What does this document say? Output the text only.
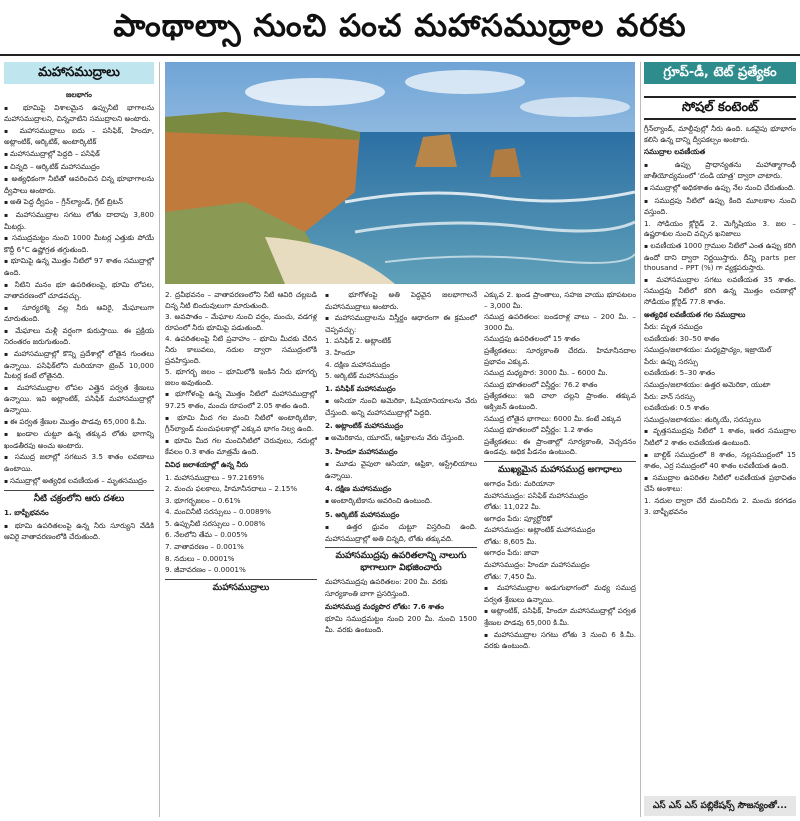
పాంథాల్సా నుంచి పంచ మహాసముద్రాల వరకు
మహాసముద్రాలు	గ్రూప్‌-డీ, టెట్‌ ప్రత్యేకం
సోషల్‌ కంటెంట్‌

జలభాగం

▪ భూమిపై విశాలమైన ఉప్పునీటి భాగాలను మహాసముద్రాలని, చిన్నవాటిని సముద్రాలని అంటారు.

▪ మహాసముద్రాలు ఐదు – పసిఫిక్‌, హిందూ, అట్లాంటిక్‌, ఆర్కిటిక్‌, అంటార్కిటిక్‌

▪ మహాసముద్రాల్లో పెద్దది – పసిఫిక్‌

▪ చిన్నది – ఆర్కిటిక్‌ మహాసముద్రం

▪ అత్యధికంగా నీటితో ఆవరించిన చిన్న భూభాగాలను ద్వీపాలు అంటారు.

▪ అతి పెద్ద ద్వీపం – గ్రీన్‌ల్యాండ్‌, గ్రేట్‌ బ్రిటన్‌

▪ మహాసముద్రాల సగటు లోతు దాదాపు 3,800 మీటర్లు.

▪ సముద్రమట్టం నుంచి 1000 మీటర్ల ఎత్తుకు పోయే కొద్దీ 6°C ఉష్ణోగ్రత తగ్గుతుంది.

▪ భూమిపై ఉన్న మొత్తం నీటిలో 97 శాతం సముద్రాల్లో ఉంది.

▪ నీటిని మనం భూ ఉపరితలంపై, భూమి లోపల, వాతావరణంలో చూడవచ్చు.

▪ సూర్యరశ్మి వల్ల నీరు ఆవిరై, మేఘాలుగా మారుతుంది.

▪ మేఘాలు మళ్లీ వర్షంగా కురుస్తాయి. ఈ ప్రక్రియ నిరంతరం జరుగుతుంది.

▪ మహాసముద్రాల్లో కొన్ని ప్రదేశాల్లో లోతైన గుంతలు ఉన్నాయి. పసిఫిక్‌లోని మరియానా ట్రెంచ్‌ 10,000 మీటర్ల కంటే లోతైనది.

▪ మహాసముద్రాల లోపల ఎత్తైన పర్వత శ్రేణులు ఉన్నాయి. ఇవి అట్లాంటిక్‌, పసిఫిక్‌ మహాసముద్రాల్లో ఉన్నాయి.

▪ ఈ పర్వత శ్రేణుల మొత్తం పొడవు 65,000 కి.మీ.

▪ ఖండాల చుట్టూ ఉన్న తక్కువ లోతు భాగాన్ని ఖండతీరపు అంచు అంటారు.

▪ సముద్ర జలాల్లో సగటున 3.5 శాతం లవణాలు ఉంటాయి.

▪ సముద్రాల్లో అత్యధిక లవణీయత – మృతసముద్రం

నీటి చక్రంలోని ఆరు దశలు

1. బాష్పీభవనం

▪ భూమి ఉపరితలంపై ఉన్న నీరు సూర్యుని వేడికి ఆవిరై వాతావరణంలోకి చేరుతుంది.

2. ద్రవీభవనం – వాతావరణంలోని నీటి ఆవిరి చల్లబడి చిన్న నీటి బిందువులుగా మారుతుంది.

3. అవపాతం – మేఘాల నుంచి వర్షం, మంచు, వడగళ్ల రూపంలో నీరు భూమిపై పడుతుంది.

4. ఉపరితలంపై నీటి ప్రవాహం – భూమి మీదకు చేరిన నీరు కాలువలు, నదుల ద్వారా సముద్రంలోకి ప్రవహిస్తుంది.

5. భూగర్భ జలం – భూమిలోకి ఇంకిన నీరు భూగర్భ జలం అవుతుంది.

▪ భూగోళంపై ఉన్న మొత్తం నీటిలో మహాసముద్రాల్లో 97.25 శాతం, మంచు రూపంలో 2.05 శాతం ఉంది.

▪ భూమి మీద గల మంచి నీటిలో అంటార్కిటికా, గ్రీన్‌ల్యాండ్‌ మంచుఫలకాల్లో ఎక్కువ భాగం నిల్వ ఉంది.

▪ భూమి మీద గల మంచినీటిలో చెరువులు, నదుల్లో కేవలం 0.3 శాతం మాత్రమే ఉంది.

వివిధ జలాశయాల్లో ఉన్న నీరు

1. మహాసముద్రాలు – 97.2169%

2. మంచు ఫలకాలు, హిమానీనదాలు – 2.15%

3. భూగర్భజలం – 0.61%

4. మంచినీటి సరస్సులు – 0.0089%

5. ఉప్పునీటి సరస్సులు – 0.008%

6. నేలలోని తేమ – 0.005%

7. వాతావరణం – 0.001%

8. నదులు – 0.0001%

9. జీవావరణం – 0.0001%

మహాసముద్రాలు

▪ భూగోళంపై అతి పెద్దవైన జలభాగాలనే మహాసముద్రాలు అంటారు.

▪ మహాసముద్రాలను విస్తీర్ణం ఆధారంగా ఈ క్రమంలో చెప్పవచ్చు:

1. పసిఫిక్‌ 2. అట్లాంటిక్‌

3. హిందూ

4. దక్షిణ మహాసముద్రం

5. ఆర్కిటిక్‌ మహాసముద్రం

1. పసిఫిక్‌ మహాసముద్రం

▪ ఆసియా నుంచి అమెరికా, ఓషియానియాలను వేరు చేస్తుంది. అన్ని మహాసముద్రాల్లో పెద్దది.

2. అట్లాంటిక్‌ మహాసముద్రం

▪ అమెరికాను, యూరప్‌, ఆఫ్రికాలను వేరు చేస్తుంది.

3. హిందూ మహాసముద్రం

▪ మూడు వైపులా ఆసియా, ఆఫ్రికా, ఆస్ట్రేలియాలు ఉన్నాయి.

4. దక్షిణ మహాసముద్రం

▪ అంటార్కిటికాను ఆవరించి ఉంటుంది.

5. ఆర్కిటిక్‌ మహాసముద్రం

▪ ఉత్తర ధ్రువం చుట్టూ విస్తరించి ఉంది. మహాసముద్రాల్లో అతి చిన్నది, లోతు తక్కువది.

మహాసముద్రపు ఉపరితలాన్ని నాలుగు భాగాలుగా విభజించారు

మహాసముద్రపు ఉపరితలం: 200 మీ. వరకు

సూర్యకాంతి బాగా ప్రసరిస్తుంది.

మహాసముద్ర మధ్యపొర లోతు: 7.6 శాతం

భూమి సముద్రమట్టం నుంచి 200 మీ. నుంచి 1500 మీ. వరకు ఉంటుంది.

ఎక్కువ 2. ఖండ ప్రాంతాలు, సహజ వాయు భూపటలం – 3,000 మీ.

సముద్ర ఉపరితలం: బండరాళ్ల వాలు – 200 మీ. – 3000 మీ.

సముద్రపు ఉపరితలంలో 15 శాతం

ప్రత్యేకతలు: సూర్యకాంతి చేరదు. హిమానీనదాల ప్రభావం ఎక్కువ.

సముద్ర మధ్యపొర: 3000 మీ. – 6000 మీ.

సముద్ర భూతలంలో విస్తీర్ణం: 76.2 శాతం

ప్రత్యేకతలు: ఇది చాలా చల్లని ప్రాంతం. తక్కువ ఆక్సిజన్‌ ఉంటుంది.

సముద్ర లోతైన భాగాలు: 6000 మీ. కంటే ఎక్కువ

సముద్ర భూతలంలో విస్తీర్ణం: 1.2 శాతం

ప్రత్యేకతలు: ఈ ప్రాంతాల్లో సూర్యకాంతి, వెచ్చదనం ఉండవు. అధిక పీడనం ఉంటుంది.

ముఖ్యమైన మహాసముద్ర అగాధాలు

అగాధం పేరు: మరియానా

మహాసముద్రం: పసిఫిక్‌ మహాసముద్రం

లోతు: 11,022 మీ.

అగాధం పేరు: ప్యూర్టోరికో

మహాసముద్రం: అట్లాంటిక్‌ మహాసముద్రం

లోతు: 8,605 మీ.

అగాధం పేరు: జావా

మహాసముద్రం: హిందూ మహాసముద్రం

లోతు: 7,450 మీ.

▪ మహాసముద్రాల అడుగుభాగంలో మధ్య సముద్ర పర్వత శ్రేణులు ఉన్నాయి.

▪ అట్లాంటిక్‌, పసిఫిక్‌, హిందూ మహాసముద్రాల్లో పర్వత శ్రేణుల పొడవు 65,000 కి.మీ.

▪ మహాసముద్రాల సగటు లోతు 3 నుంచి 6 కి.మీ. వరకు ఉంటుంది.

గ్రీన్‌ల్యాండ్‌, మాల్దీవుల్లో నీరు ఉంది. ఒకవైపు భూభాగం కలిసి ఉన్న దాన్ని ద్వీపకల్పం అంటారు.

సముద్రాల లవణీయత

▪ ఉప్పు ప్రాధాన్యతను మహాత్మాగాంధీ జాతీయోద్యమంలో 'దండి యాత్ర' ద్వారా చాటారు.

▪ సముద్రాల్లో అధికశాతం ఉప్పు నేల నుంచి చేరుతుంది.

▪ సముద్రపు నీటిలో ఉప్పు కింది మూలకాల నుంచి వస్తుంది.

1. సోడియం క్లోరైడ్‌ 2. మెగ్నీషియం 3. జల – ఉష్ణరాశుల నుంచి వచ్చిన ఖనిజాలు

▪ లవణీయత 1000 గ్రాముల నీటిలో ఎంత ఉప్పు కరిగి ఉందో దాని ద్వారా నిర్ణయిస్తారు. దీన్ని parts per thousand – PPT (%) గా వ్యక్తపరుస్తారు.

▪ మహాసముద్రాల సగటు లవణీయత 35 శాతం. సముద్రపు నీటిలో కరిగి ఉన్న మొత్తం లవణాల్లో సోడియం క్లోరైడ్‌ 77.8 శాతం.

అత్యధిక లవణీయత గల సముద్రాలు

పేరు: మృత సముద్రం

లవణీయత: 30–50 శాతం

సముద్రం/జలాశయం: మధ్యప్రాచ్యం, ఇజ్రాయెల్‌

పేరు: ఉప్పు సరస్సు

లవణీయత: 5–30 శాతం

సముద్రం/జలాశయం: ఉత్తర అమెరికా, యుటా

పేరు: వాన్‌ సరస్సు

లవణీయత: 0.5 శాతం

సముద్రం/జలాశయం: తుర్కియే, సరస్సులు

▪ వృత్తసముద్రపు నీటిలో 1 శాతం, ఇతర సముద్రాల నీటిలో 2 శాతం లవణీయత ఉంటుంది.

▪ బాల్టిక్‌ సముద్రంలో 8 శాతం, నల్లసముద్రంలో 15 శాతం, ఎర్ర సముద్రంలో 40 శాతం లవణీయత ఉంది.

▪ సముద్రాల ఉపరితల నీటిలో లవణీయత ప్రభావితం చేసే అంశాలు:

1. నదుల ద్వారా చేరే మంచినీరు 2. మంచు కరగడం 3. బాష్పీభవనం

ఎస్‌ ఎస్‌ ఎస్‌ పబ్లికేషన్స్‌ సౌజన్యంతో...
